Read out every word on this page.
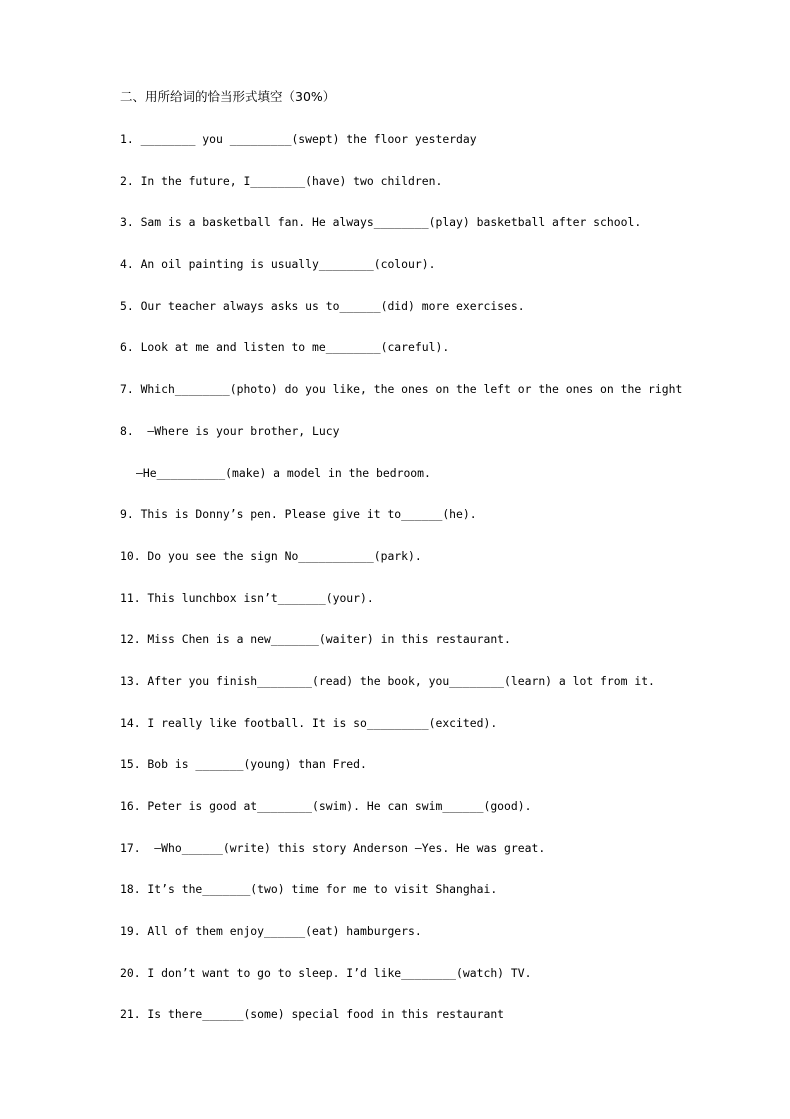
二、用所给词的恰当形式填空（30%）
1. ________ you _________(swept) the floor yesterday
2. In the future, I________(have) two children.
3. Sam is a basketball fan. He always________(play) basketball after school.
4. An oil painting is usually________(colour).
5. Our teacher always asks us to______(did) more exercises.
6. Look at me and listen to me________(careful).
7. Which________(photo) do you like, the ones on the left or the ones on the right
8.  –Where is your brother, Lucy
–He__________(make) a model in the bedroom.
9. This is Donny’s pen. Please give it to______(he).
10. Do you see the sign No___________(park).
11. This lunchbox isn’t_______(your).
12. Miss Chen is a new_______(waiter) in this restaurant.
13. After you finish________(read) the book, you________(learn) a lot from it.
14. I really like football. It is so_________(excited).
15. Bob is _______(young) than Fred.
16. Peter is good at________(swim). He can swim______(good).
17.  –Who______(write) this story Anderson –Yes. He was great.
18. It’s the_______(two) time for me to visit Shanghai.
19. All of them enjoy______(eat) hamburgers.
20. I don’t want to go to sleep. I’d like________(watch) TV.
21. Is there______(some) special food in this restaurant
